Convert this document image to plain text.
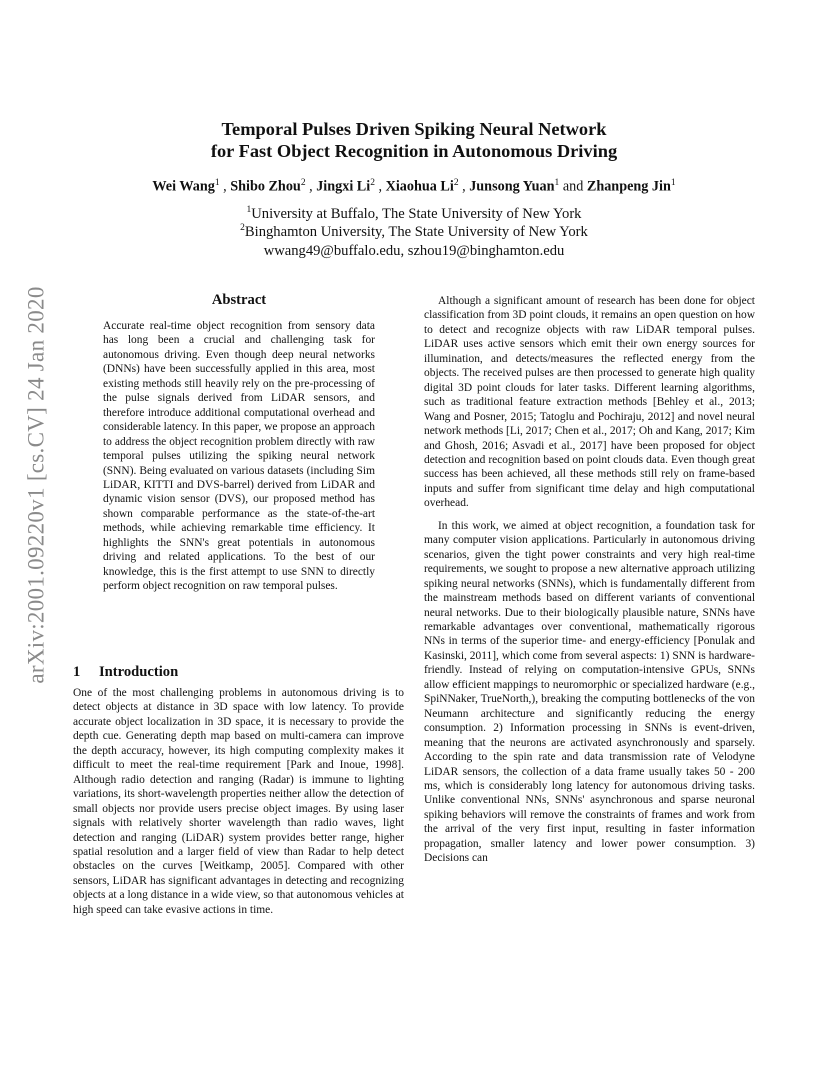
arXiv:2001.09220v1 [cs.CV] 24 Jan 2020
Temporal Pulses Driven Spiking Neural Network
for Fast Object Recognition in Autonomous Driving
Wei Wang$^1$ , Shibo Zhou$^2$ , Jingxi Li$^2$ , Xiaohua Li$^2$ , Junsong Yuan$^1$ and Zhanpeng Jin$^1$
$^1$University at Buffalo, The State University of New York
$^2$Binghamton University, The State University of New York
wwang49@buffalo.edu, szhou19@binghamton.edu
Abstract

Accurate real-time object recognition from sensory data has long been a crucial and challenging task for autonomous driving. Even though deep neural networks (DNNs) have been successfully applied in this area, most existing methods still heavily rely on the pre-processing of the pulse signals derived from LiDAR sensors, and therefore introduce additional computational overhead and considerable latency. In this paper, we propose an approach to address the object recognition problem directly with raw temporal pulses utilizing the spiking neural network (SNN). Being evaluated on various datasets (including Sim LiDAR, KITTI and DVS-barrel) derived from LiDAR and dynamic vision sensor (DVS), our proposed method has shown comparable performance as the state-of-the-art methods, while achieving remarkable time efficiency. It highlights the SNN's great potentials in autonomous driving and related applications. To the best of our knowledge, this is the first attempt to use SNN to directly perform object recognition on raw temporal pulses.

1 Introduction

One of the most challenging problems in autonomous driving is to detect objects at distance in 3D space with low latency. To provide accurate object localization in 3D space, it is necessary to provide the depth cue. Generating depth map based on multi-camera can improve the depth accuracy, however, its high computing complexity makes it difficult to meet the real-time requirement [Park and Inoue, 1998]. Although radio detection and ranging (Radar) is immune to lighting variations, its short-wavelength properties neither allow the detection of small objects nor provide users precise object images. By using laser signals with relatively shorter wavelength than radio waves, light detection and ranging (LiDAR) system provides better range, higher spatial resolution and a larger field of view than Radar to help detect obstacles on the curves [Weitkamp, 2005]. Compared with other sensors, LiDAR has significant advantages in detecting and recognizing objects at a long distance in a wide view, so that autonomous vehicles at high speed can take evasive actions in time.

Although a significant amount of research has been done for object classification from 3D point clouds, it remains an open question on how to detect and recognize objects with raw LiDAR temporal pulses. LiDAR uses active sensors which emit their own energy sources for illumination, and detects/measures the reflected energy from the objects. The received pulses are then processed to generate high quality digital 3D point clouds for later tasks. Different learning algorithms, such as traditional feature extraction methods [Behley et al., 2013; Wang and Posner, 2015; Tatoglu and Pochiraju, 2012] and novel neural network methods [Li, 2017; Chen et al., 2017; Oh and Kang, 2017; Kim and Ghosh, 2016; Asvadi et al., 2017] have been proposed for object detection and recognition based on point clouds data. Even though great success has been achieved, all these methods still rely on frame-based inputs and suffer from significant time delay and high computational overhead.

In this work, we aimed at object recognition, a foundation task for many computer vision applications. Particularly in autonomous driving scenarios, given the tight power constraints and very high real-time requirements, we sought to propose a new alternative approach utilizing spiking neural networks (SNNs), which is fundamentally different from the mainstream methods based on different variants of conventional neural networks. Due to their biologically plausible nature, SNNs have remarkable advantages over conventional, mathematically rigorous NNs in terms of the superior time- and energy-efficiency [Ponulak and Kasinski, 2011], which come from several aspects: 1) SNN is hardware-friendly. Instead of relying on computation-intensive GPUs, SNNs allow efficient mappings to neuromorphic or specialized hardware (e.g., SpiNNaker, TrueNorth,), breaking the computing bottlenecks of the von Neumann architecture and significantly reducing the energy consumption. 2) Information processing in SNNs is event-driven, meaning that the neurons are activated asynchronously and sparsely. According to the spin rate and data transmission rate of Velodyne LiDAR sensors, the collection of a data frame usually takes 50 - 200 ms, which is considerably long latency for autonomous driving tasks. Unlike conventional NNs, SNNs' asynchronous and sparse neuronal spiking behaviors will remove the constraints of frames and work from the arrival of the very first input, resulting in faster information propagation, smaller latency and lower power consumption. 3) Decisions can
